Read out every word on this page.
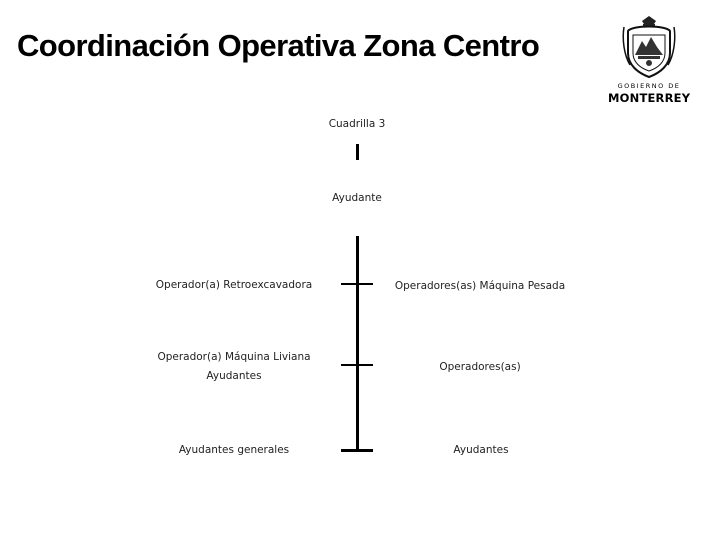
Coordinación Operativa Zona Centro
GOBIERNO DE
MONTERREY
Cuadrilla 3
Ayudante
Operador(a) Retroexcavadora
Operador(a) Máquina Liviana
Ayudantes
Ayudantes generales
Operadores(as) Máquina Pesada
Operadores(as)
Ayudantes
